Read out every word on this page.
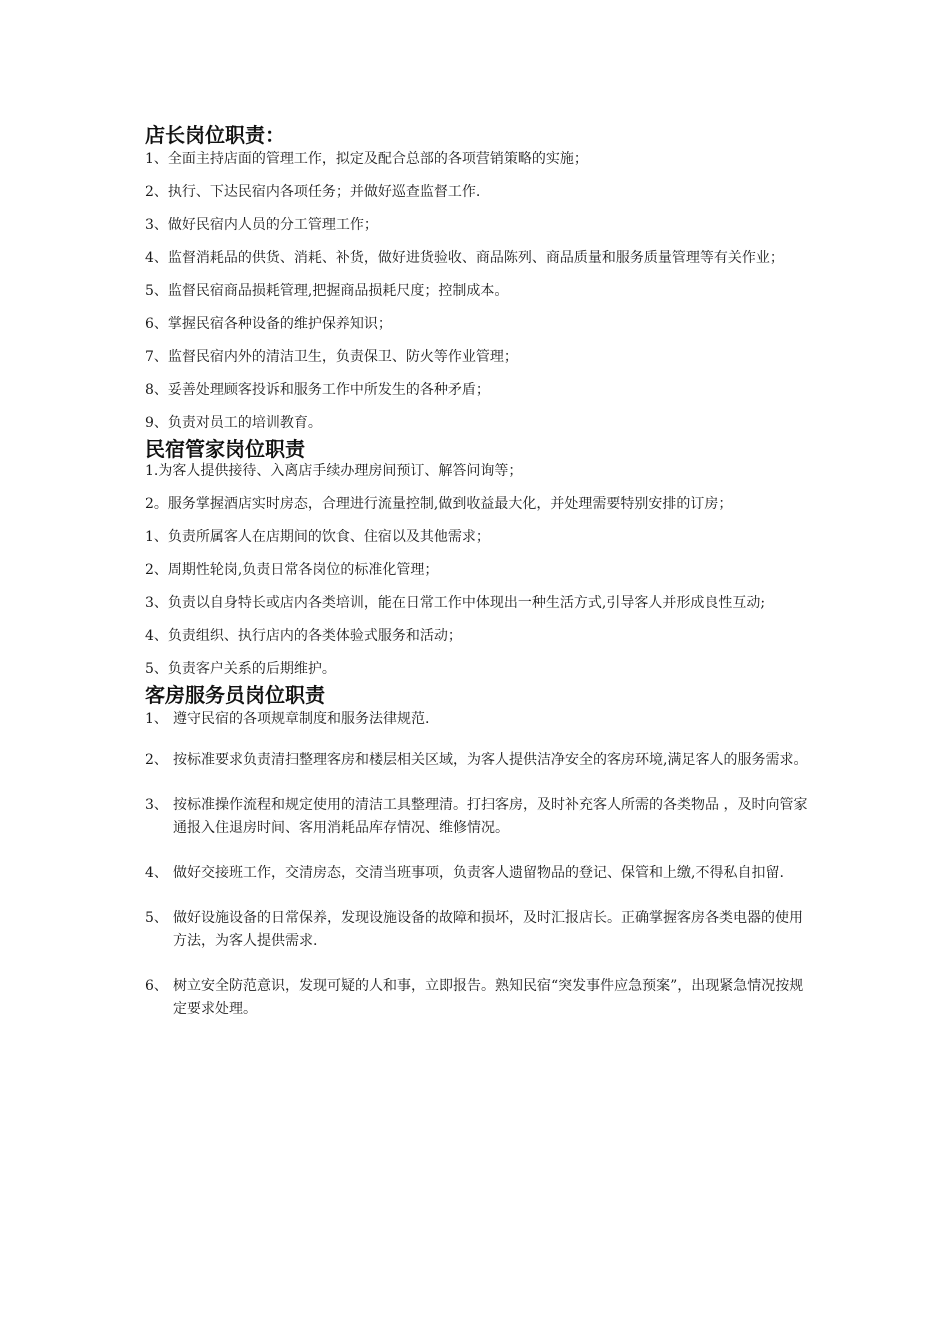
店长岗位职责：
1、全面主持店面的管理工作，拟定及配合总部的各项营销策略的实施；
2、执行、下达民宿内各项任务；并做好巡查监督工作.
3、做好民宿内人员的分工管理工作；
4、监督消耗品的供货、消耗、补货，做好进货验收、商品陈列、商品质量和服务质量管理等有关作业；
5、监督民宿商品损耗管理,把握商品损耗尺度；控制成本。
6、掌握民宿各种设备的维护保养知识；
7、监督民宿内外的清洁卫生，负责保卫、防火等作业管理；
8、妥善处理顾客投诉和服务工作中所发生的各种矛盾；
9、负责对员工的培训教育。
民宿管家岗位职责
1.为客人提供接待、入离店手续办理房间预订、解答问询等；
2。服务掌握酒店实时房态，合理进行流量控制,做到收益最大化，并处理需要特别安排的订房；
1、负责所属客人在店期间的饮食、住宿以及其他需求；
2、周期性轮岗,负责日常各岗位的标准化管理；
3、负责以自身特长或店内各类培训，能在日常工作中体现出一种生活方式,引导客人并形成良性互动;
4、负责组织、执行店内的各类体验式服务和活动；
5、负责客户关系的后期维护。
客房服务员岗位职责
1、 遵守民宿的各项规章制度和服务法律规范.
2、 按标准要求负责清扫整理客房和楼层相关区域，为客人提供洁净安全的客房环境,满足客人的服务需求。
3、 按标准操作流程和规定使用的清洁工具整理清。打扫客房，及时补充客人所需的各类物品 ，及时向管家通报入住退房时间、客用消耗品库存情况、维修情况。
4、 做好交接班工作，交清房态，交清当班事项，负责客人遗留物品的登记、保管和上缴,不得私自扣留.
5、 做好设施设备的日常保养，发现设施设备的故障和损坏，及时汇报店长。正确掌握客房各类电器的使用方法，为客人提供需求.
6、 树立安全防范意识，发现可疑的人和事，立即报告。熟知民宿“突发事件应急预案”，出现紧急情况按规定要求处理。
